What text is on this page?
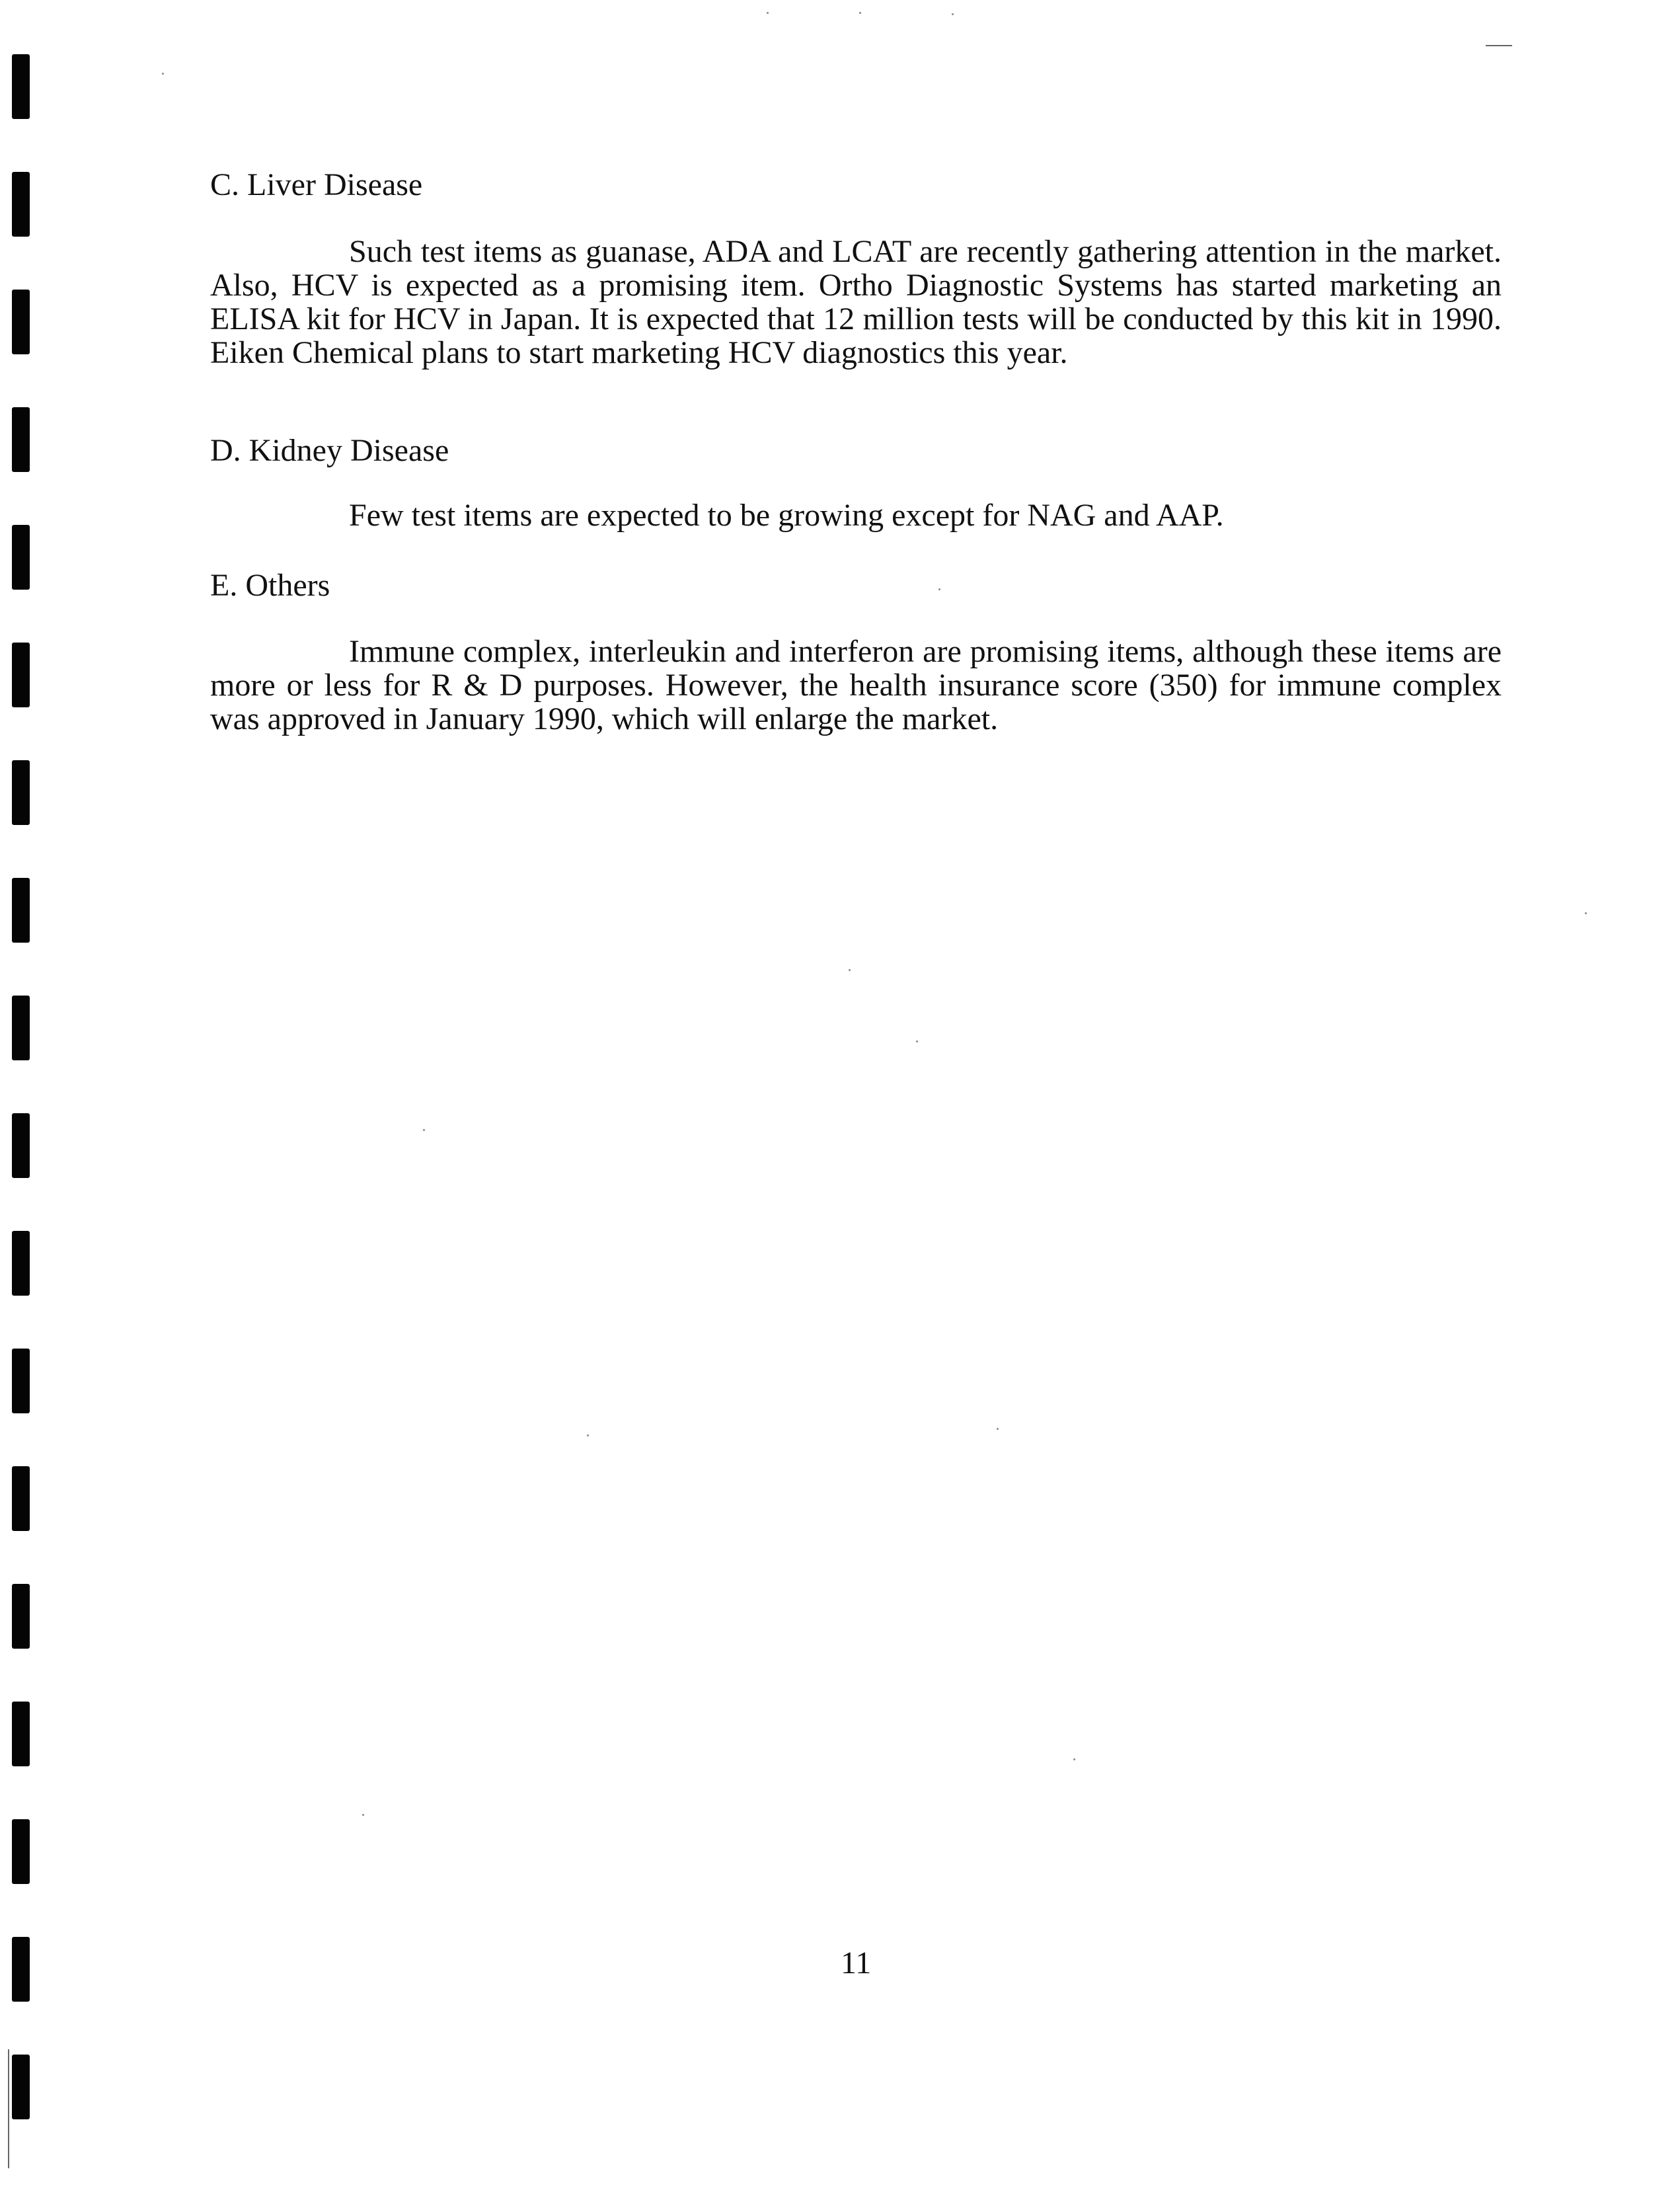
C. Liver Disease

Such test items as guanase, ADA and LCAT are recently gathering attention in the market. Also, HCV is expected as a promising item. Ortho Diagnostic Systems has started marketing an ELISA kit for HCV in Japan. It is expected that 12 million tests will be conducted by this kit in 1990. Eiken Chemical plans to start marketing HCV diagnostics this year.

D. Kidney Disease

Few test items are expected to be growing except for NAG and AAP.

E. Others

Immune complex, interleukin and interferon are promising items, although these items are more or less for R & D purposes. However, the health insurance score (350) for immune complex was approved in January 1990, which will enlarge the market.

11
